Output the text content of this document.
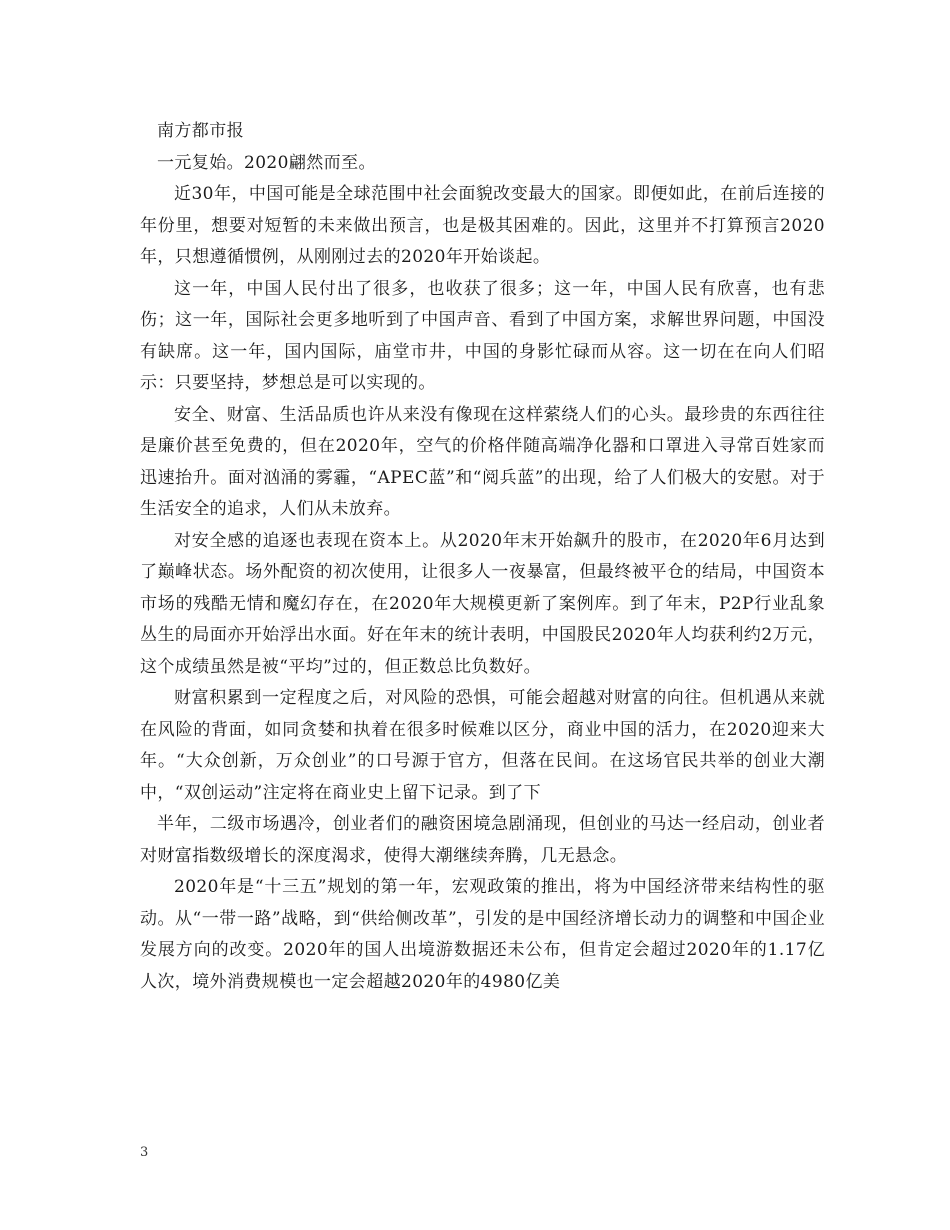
南方都市报

一元复始。2020翩然而至。

近30年，中国可能是全球范围中社会面貌改变最大的国家。即便如此，在前后连接的年份里，想要对短暂的未来做出预言，也是极其困难的。因此，这里并不打算预言2020年，只想遵循惯例，从刚刚过去的2020年开始谈起。

这一年，中国人民付出了很多，也收获了很多；这一年，中国人民有欣喜，也有悲伤；这一年，国际社会更多地听到了中国声音、看到了中国方案，求解世界问题，中国没有缺席。这一年，国内国际，庙堂市井，中国的身影忙碌而从容。这一切在在向人们昭示：只要坚持，梦想总是可以实现的。

安全、财富、生活品质也许从来没有像现在这样萦绕人们的心头。最珍贵的东西往往是廉价甚至免费的，但在2020年，空气的价格伴随高端净化器和口罩进入寻常百姓家而迅速抬升。面对汹涌的雾霾，“APEC蓝”和“阅兵蓝”的出现，给了人们极大的安慰。对于生活安全的追求，人们从未放弃。

对安全感的追逐也表现在资本上。从2020年末开始飙升的股市，在2020年6月达到了巅峰状态。场外配资的初次使用，让很多人一夜暴富，但最终被平仓的结局，中国资本市场的残酷无情和魔幻存在，在2020年大规模更新了案例库。到了年末，P2P行业乱象丛生的局面亦开始浮出水面。好在年末的统计表明，中国股民2020年人均获利约2万元，这个成绩虽然是被“平均”过的，但正数总比负数好。

财富积累到一定程度之后，对风险的恐惧，可能会超越对财富的向往。但机遇从来就在风险的背面，如同贪婪和执着在很多时候难以区分，商业中国的活力，在2020迎来大年。“大众创新，万众创业”的口号源于官方，但落在民间。在这场官民共举的创业大潮中，“双创运动”注定将在商业史上留下记录。到了下

半年，二级市场遇冷，创业者们的融资困境急剧涌现，但创业的马达一经启动，创业者对财富指数级增长的深度渴求，使得大潮继续奔腾，几无悬念。

2020年是“十三五”规划的第一年，宏观政策的推出，将为中国经济带来结构性的驱动。从“一带一路”战略，到“供给侧改革”，引发的是中国经济增长动力的调整和中国企业发展方向的改变。2020年的国人出境游数据还未公布，但肯定会超过2020年的1.17亿人次，境外消费规模也一定会超越2020年的4980亿美

3
